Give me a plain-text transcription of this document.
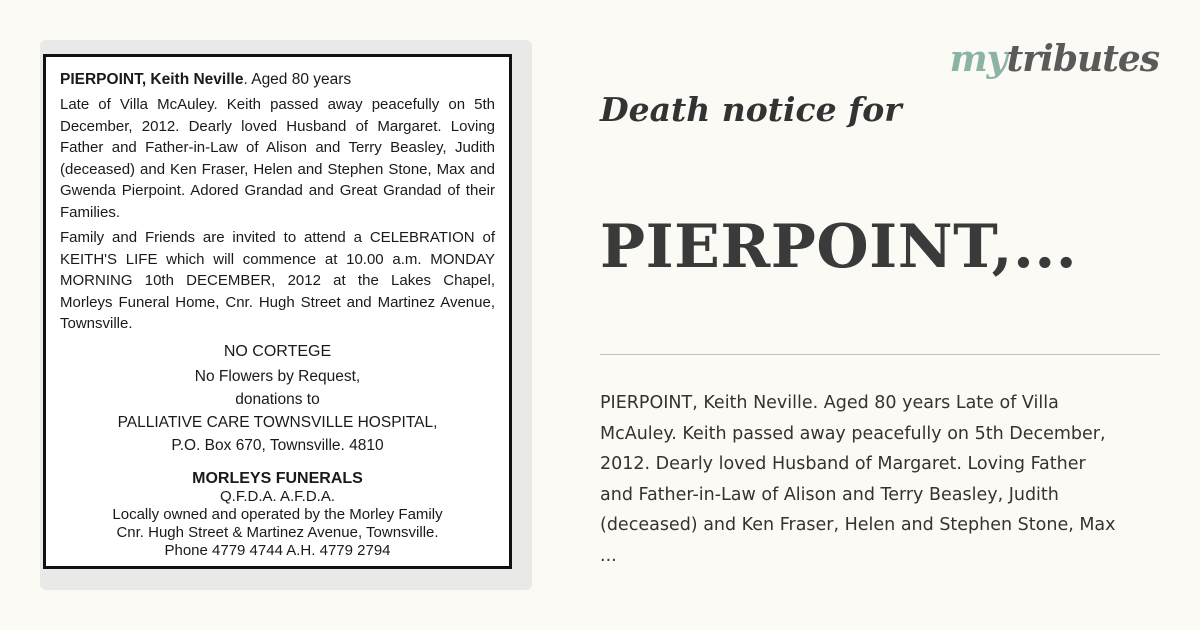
PIERPOINT, Keith Neville. Aged 80 years

Late of Villa McAuley. Keith passed away peacefully on 5th December, 2012. Dearly loved Husband of Margaret. Loving Father and Father-in-Law of Alison and Terry Beasley, Judith (deceased) and Ken Fraser, Helen and Stephen Stone, Max and Gwenda Pierpoint. Adored Grandad and Great Grandad of their Families.

Family and Friends are invited to attend a CELEBRATION of KEITH'S LIFE which will commence at 10.00 a.m. MONDAY MORNING 10th DECEMBER, 2012 at the Lakes Chapel, Morleys Funeral Home, Cnr. Hugh Street and Martinez Avenue, Townsville.

NO CORTEGE

No Flowers by Request,

donations to

PALLIATIVE CARE TOWNSVILLE HOSPITAL,

P.O. Box 670, Townsville. 4810

MORLEYS FUNERALS

Q.F.D.A. A.F.D.A.

Locally owned and operated by the Morley Family

Cnr. Hugh Street & Martinez Avenue, Townsville.

Phone 4779 4744 A.H. 4779 2794

mytributes
Death notice for
PIERPOINT,...

PIERPOINT, Keith Neville. Aged 80 years Late of Villa
McAuley. Keith passed away peacefully on 5th December,
2012. Dearly loved Husband of Margaret. Loving Father
and Father-in-Law of Alison and Terry Beasley, Judith
(deceased) and Ken Fraser, Helen and Stephen Stone, Max
...
